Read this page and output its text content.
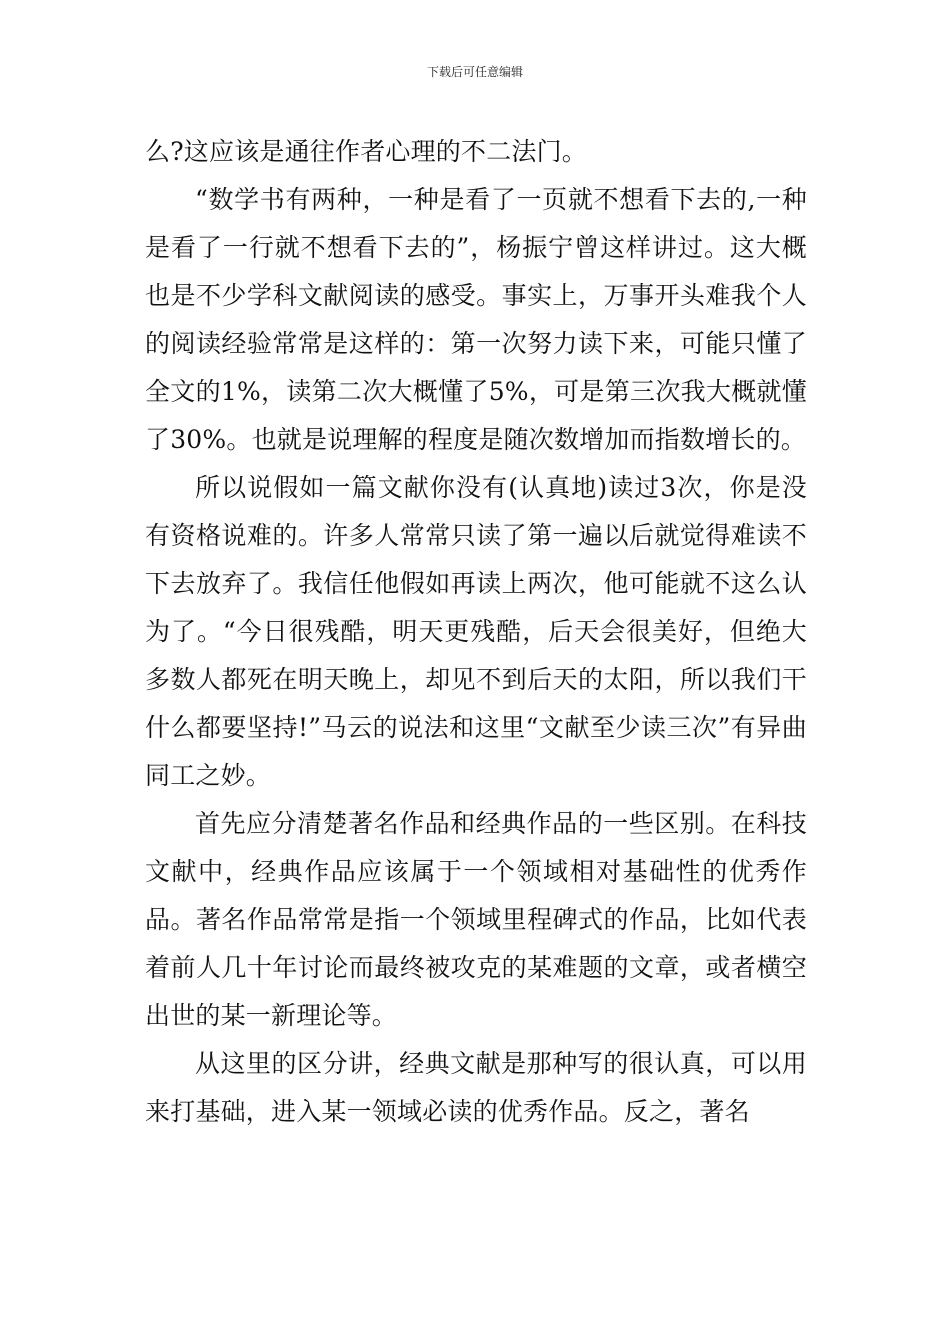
下载后可任意编辑

么?这应该是通往作者心理的不二法门。

“数学书有两种，一种是看了一页就不想看下去的,一种是看了一行就不想看下去的”，杨振宁曾这样讲过。这大概也是不少学科文献阅读的感受。事实上，万事开头难我个人的阅读经验常常是这样的：第一次努力读下来，可能只懂了全文的1%，读第二次大概懂了5%，可是第三次我大概就懂了30%。也就是说理解的程度是随次数增加而指数增长的。

所以说假如一篇文献你没有(认真地)读过3次，你是没有资格说难的。许多人常常只读了第一遍以后就觉得难读不下去放弃了。我信任他假如再读上两次，他可能就不这么认为了。“今日很残酷，明天更残酷，后天会很美好，但绝大多数人都死在明天晚上，却见不到后天的太阳，所以我们干什么都要坚持!”马云的说法和这里“文献至少读三次”有异曲同工之妙。

首先应分清楚著名作品和经典作品的一些区别。在科技文献中，经典作品应该属于一个领域相对基础性的优秀作品。著名作品常常是指一个领域里程碑式的作品，比如代表着前人几十年讨论而最终被攻克的某难题的文章，或者横空出世的某一新理论等。

从这里的区分讲，经典文献是那种写的很认真，可以用来打基础，进入某一领域必读的优秀作品。反之，著名
